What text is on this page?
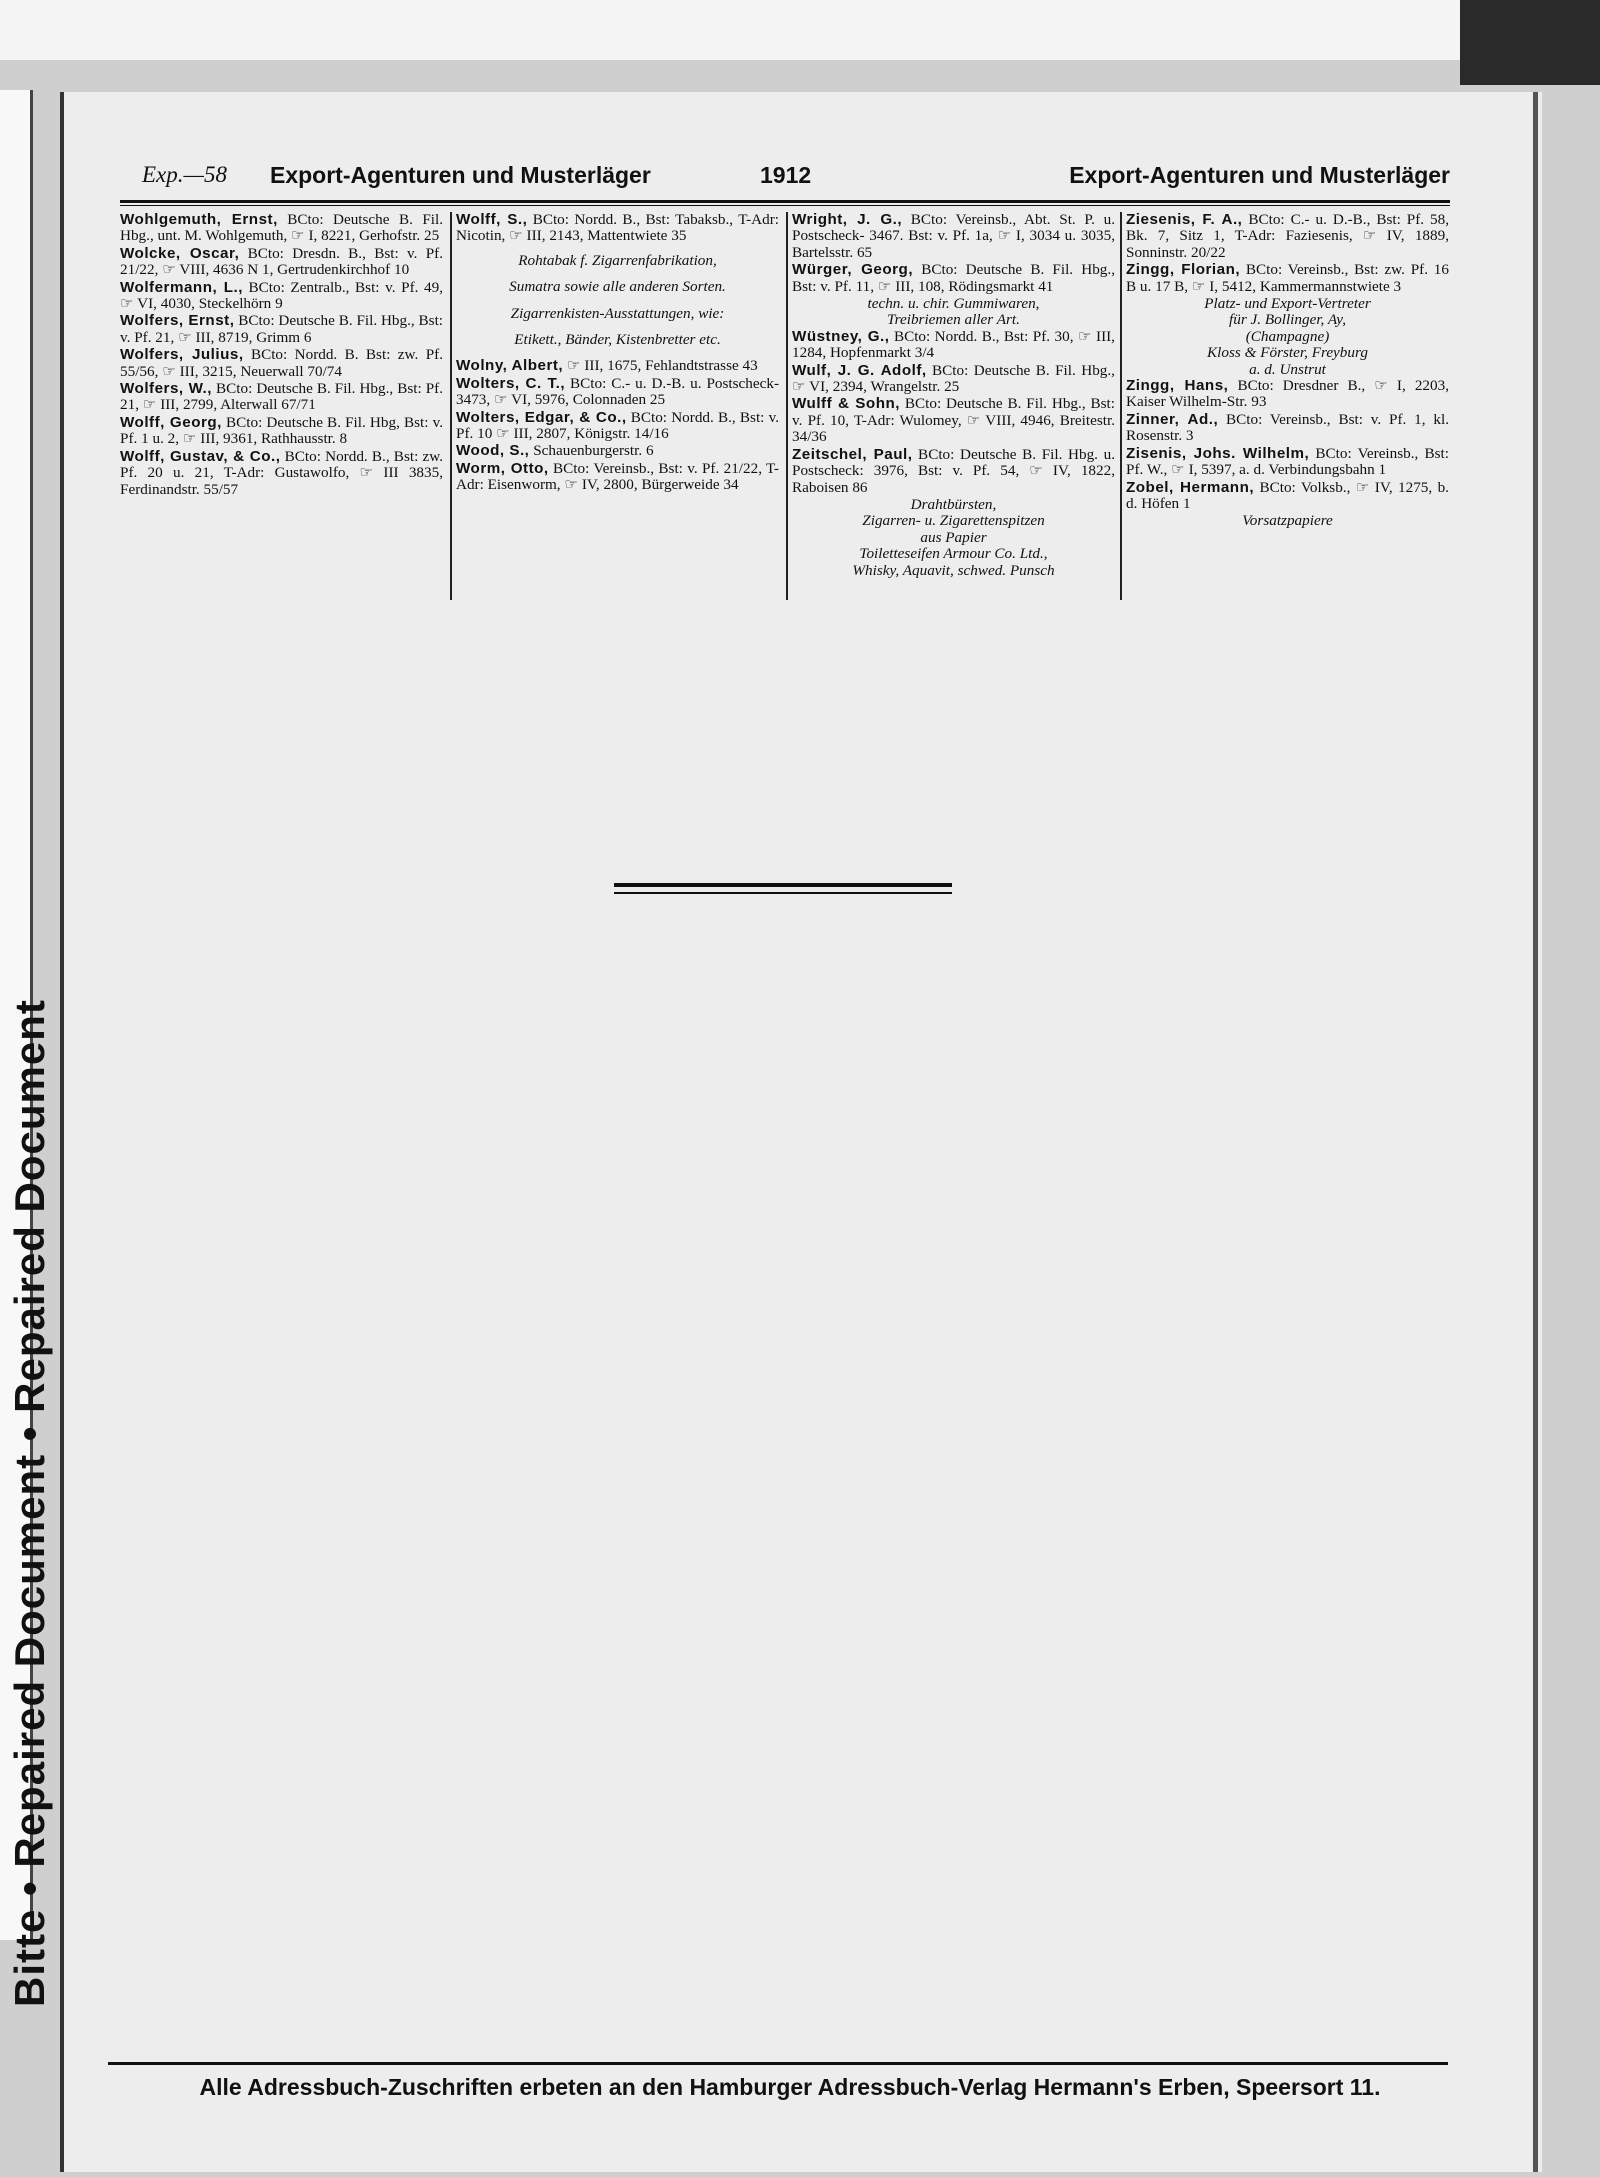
Bitte • Repaired Document • Repaired Document
Exp.—58 Export-Agenturen und Musterläger	1912	Export-Agenturen und Musterläger
Wohlgemuth, Ernst, BCto: Deutsche B. Fil. Hbg., unt. M. Wohlgemuth, ☞ I, 8221, Gerhofstr. 25
Wolcke, Oscar, BCto: Dresdn. B., Bst: v. Pf. 21/22, ☞ VIII, 4636 N 1, Gertrudenkirchhof 10
Wolfermann, L., BCto: Zentralb., Bst: v. Pf. 49, ☞ VI, 4030, Steckelhörn 9
Wolfers, Ernst, BCto: Deutsche B. Fil. Hbg., Bst: v. Pf. 21, ☞ III, 8719, Grimm 6
Wolfers, Julius, BCto: Nordd. B. Bst: zw. Pf. 55/56, ☞ III, 3215, Neuerwall 70/74
Wolfers, W., BCto: Deutsche B. Fil. Hbg., Bst: Pf. 21, ☞ III, 2799, Alterwall 67/71
Wolff, Georg, BCto: Deutsche B. Fil. Hbg, Bst: v. Pf. 1 u. 2, ☞ III, 9361, Rathhausstr. 8
Wolff, Gustav, & Co., BCto: Nordd. B., Bst: zw. Pf. 20 u. 21, T-Adr: Gustawolfo, ☞ III 3835, Ferdinandstr. 55/57
Wolff, S., BCto: Nordd. B., Bst: Tabaksb., T-Adr: Nicotin, ☞ III, 2143, Mattentwiete 35
Rohtabak f. Zigarrenfabrikation,
Sumatra sowie alle anderen Sorten.
Zigarrenkisten-Ausstattungen, wie:
Etikett., Bänder, Kistenbretter etc.
Wolny, Albert, ☞ III, 1675, Fehlandtstrasse 43
Wolters, C. T., BCto: C.- u. D.-B. u. Postscheck- 3473, ☞ VI, 5976, Colonnaden 25
Wolters, Edgar, & Co., BCto: Nordd. B., Bst: v. Pf. 10 ☞ III, 2807, Königstr. 14/16
Wood, S., Schauenburgerstr. 6
Worm, Otto, BCto: Vereinsb., Bst: v. Pf. 21/22, T-Adr: Eisenworm, ☞ IV, 2800, Bürgerweide 34
Wright, J. G., BCto: Vereinsb., Abt. St. P. u. Postscheck- 3467. Bst: v. Pf. 1a, ☞ I, 3034 u. 3035, Bartelsstr. 65
Würger, Georg, BCto: Deutsche B. Fil. Hbg., Bst: v. Pf. 11, ☞ III, 108, Rödingsmarkt 41
techn. u. chir. Gummiwaren,
Treibriemen aller Art.
Wüstney, G., BCto: Nordd. B., Bst: Pf. 30, ☞ III, 1284, Hopfenmarkt 3/4
Wulf, J. G. Adolf, BCto: Deutsche B. Fil. Hbg., ☞ VI, 2394, Wrangelstr. 25
Wulff & Sohn, BCto: Deutsche B. Fil. Hbg., Bst: v. Pf. 10, T-Adr: Wulomey, ☞ VIII, 4946, Breitestr. 34/36
Zeitschel, Paul, BCto: Deutsche B. Fil. Hbg. u. Postscheck: 3976, Bst: v. Pf. 54, ☞ IV, 1822, Raboisen 86
Drahtbürsten,
Zigarren- u. Zigarettenspitzen
aus Papier
Toiletteseifen Armour Co. Ltd.,
Whisky, Aquavit, schwed. Punsch
Ziesenis, F. A., BCto: C.- u. D.-B., Bst: Pf. 58, Bk. 7, Sitz 1, T-Adr: Faziesenis, ☞ IV, 1889, Sonninstr. 20/22
Zingg, Florian, BCto: Vereinsb., Bst: zw. Pf. 16 B u. 17 B, ☞ I, 5412, Kammermannstwiete 3
Platz- und Export-Vertreter
für J. Bollinger, Ay,
(Champagne)
Kloss & Förster, Freyburg
a. d. Unstrut
Zingg, Hans, BCto: Dresdner B., ☞ I, 2203, Kaiser Wilhelm-Str. 93
Zinner, Ad., BCto: Vereinsb., Bst: v. Pf. 1, kl. Rosenstr. 3
Zisenis, Johs. Wilhelm, BCto: Vereinsb., Bst: Pf. W., ☞ I, 5397, a. d. Verbindungsbahn 1
Zobel, Hermann, BCto: Volksb., ☞ IV, 1275, b. d. Höfen 1
Vorsatzpapiere
Alle Adressbuch-Zuschriften erbeten an den Hamburger Adressbuch-Verlag Hermann's Erben, Speersort 11.
